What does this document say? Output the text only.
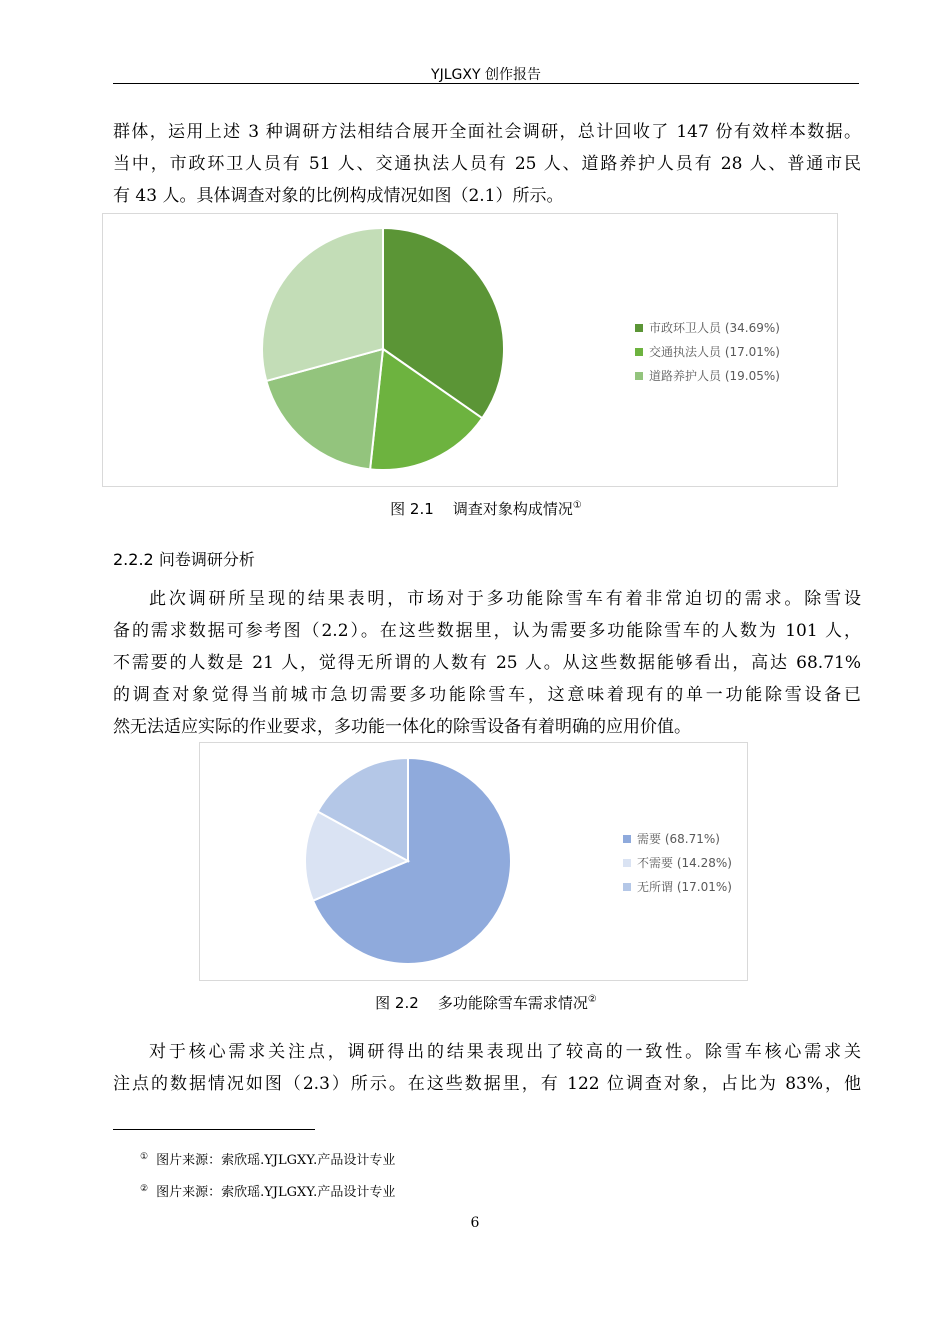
YJLGXY 创作报告
群体，运用上述 3 种调研方法相结合展开全面社会调研，总计回收了 147 份有效样本数据。
当中，市政环卫人员有 51 人、交通执法人员有 25 人、道路养护人员有 28 人、普通市民
有 43 人。具体调查对象的比例构成情况如图（2.1）所示。
市政环卫人员 (34.69%)
交通执法人员 (17.01%)
道路养护人员 (19.05%)
图 2.1 调查对象构成情况①
2.2.2 问卷调研分析
此次调研所呈现的结果表明，市场对于多功能除雪车有着非常迫切的需求。除雪设
备的需求数据可参考图（2.2）。在这些数据里，认为需要多功能除雪车的人数为 101 人，
不需要的人数是 21 人，觉得无所谓的人数有 25 人。从这些数据能够看出，高达 68.71%
的调查对象觉得当前城市急切需要多功能除雪车，这意味着现有的单一功能除雪设备已
然无法适应实际的作业要求，多功能一体化的除雪设备有着明确的应用价值。
需要 (68.71%)
不需要 (14.28%)
无所谓 (17.01%)
图 2.2 多功能除雪车需求情况②
对于核心需求关注点，调研得出的结果表现出了较高的一致性。除雪车核心需求关
注点的数据情况如图（2.3）所示。在这些数据里，有 122 位调查对象，占比为 83%，他
① 图片来源：索欣瑶.YJLGXY.产品设计专业
② 图片来源：索欣瑶.YJLGXY.产品设计专业
6
